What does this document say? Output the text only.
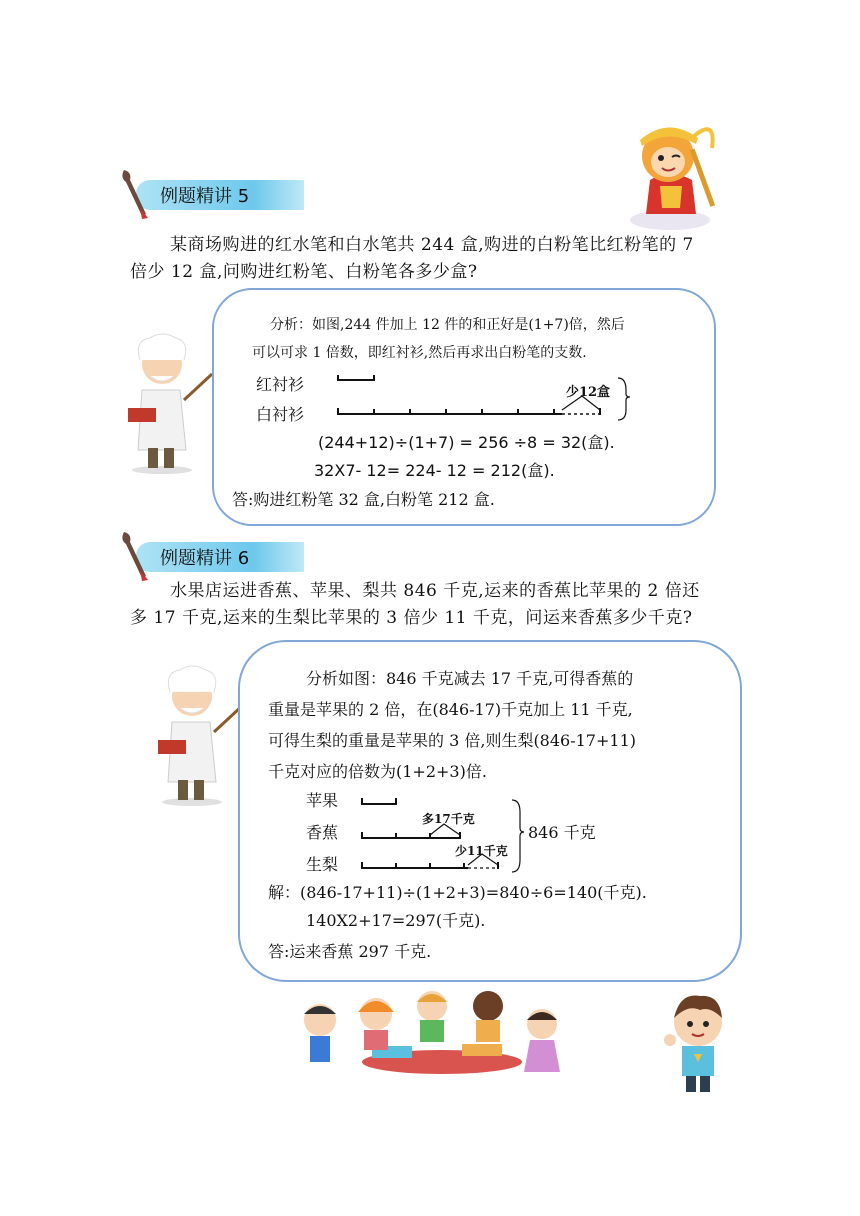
例题精讲 5
某商场购进的红水笔和白水笔共 244 盒,购进的白粉笔比红粉笔的 7
倍少 12 盒,问购进红粉笔、白粉笔各多少盒?
分析：如图,244 件加上 12 件的和正好是(1+7)倍，然后
可以可求 1 倍数，即红衬衫,然后再求出白粉笔的支数.
红衬衫
白衬衫
少12盒
(244+12)÷(1+7) = 256 ÷8 = 32(盒).
32X7- 12= 224- 12 = 212(盒).
答:购进红粉笔 32 盒,白粉笔 212 盒.
例题精讲 6
水果店运进香蕉、苹果、梨共 846 千克,运来的香蕉比苹果的 2 倍还
多 17 千克,运来的生梨比苹果的 3 倍少 11 千克，问运来香蕉多少千克?
分析如图：846 千克减去 17 千克,可得香蕉的
重量是苹果的 2 倍，在(846-17)千克加上 11 千克,
可得生梨的重量是苹果的 3 倍,则生梨(846-17+11)
千克对应的倍数为(1+2+3)倍.
苹果
香蕉
生梨
多17千克
少11千克
846 千克
解：(846-17+11)÷(1+2+3)=840÷6=140(千克).
140X2+17=297(千克).
答:运来香蕉 297 千克.
